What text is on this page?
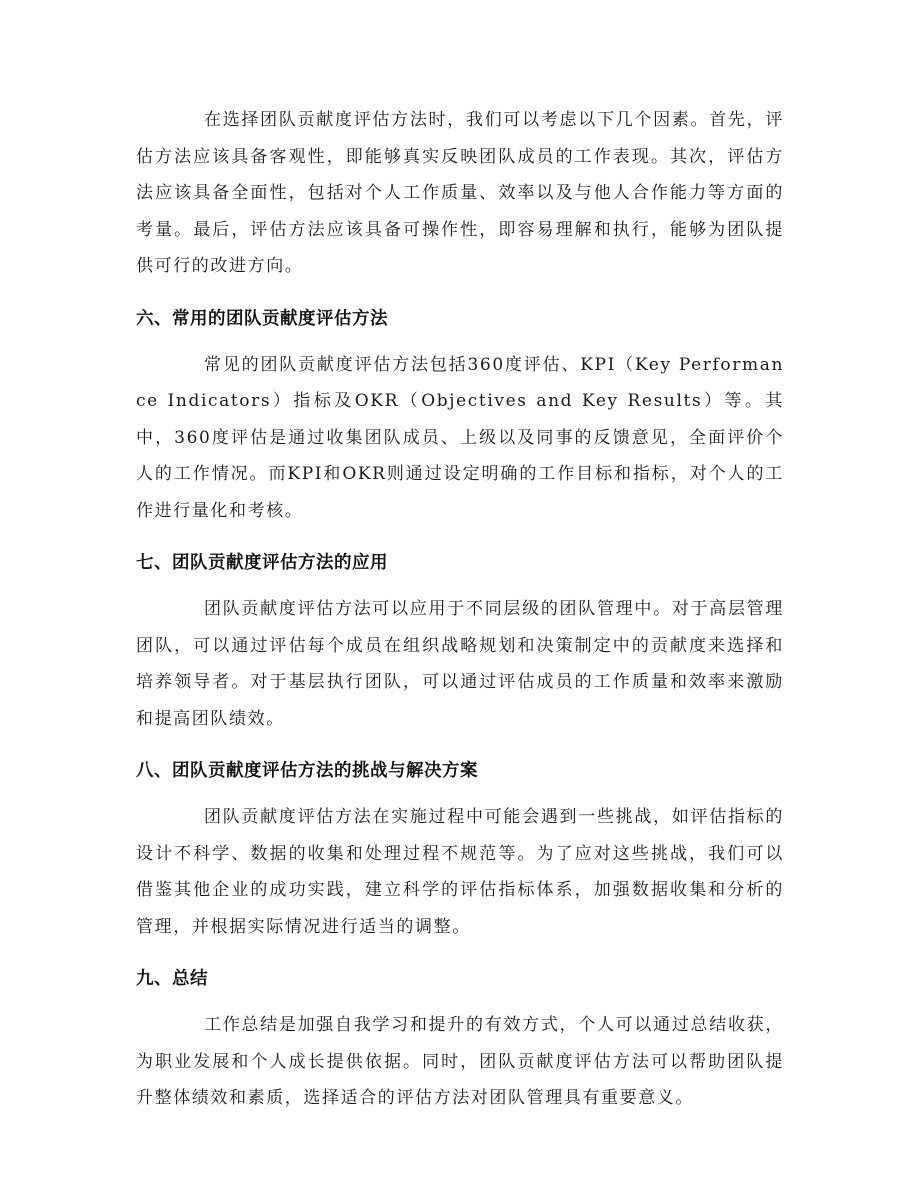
在选择团队贡献度评估方法时，我们可以考虑以下几个因素。首先，评估方法应该具备客观性，即能够真实反映团队成员的工作表现。其次，评估方法应该具备全面性，包括对个人工作质量、效率以及与他人合作能力等方面的考量。最后，评估方法应该具备可操作性，即容易理解和执行，能够为团队提供可行的改进方向。

六、常用的团队贡献度评估方法

常见的团队贡献度评估方法包括360度评估、KPI（Key Performance Indicators）指标及OKR（Objectives and Key Results）等。其中，360度评估是通过收集团队成员、上级以及同事的反馈意见，全面评价个人的工作情况。而KPI和OKR则通过设定明确的工作目标和指标，对个人的工作进行量化和考核。

七、团队贡献度评估方法的应用

团队贡献度评估方法可以应用于不同层级的团队管理中。对于高层管理团队，可以通过评估每个成员在组织战略规划和决策制定中的贡献度来选择和培养领导者。对于基层执行团队，可以通过评估成员的工作质量和效率来激励和提高团队绩效。

八、团队贡献度评估方法的挑战与解决方案

团队贡献度评估方法在实施过程中可能会遇到一些挑战，如评估指标的设计不科学、数据的收集和处理过程不规范等。为了应对这些挑战，我们可以借鉴其他企业的成功实践，建立科学的评估指标体系，加强数据收集和分析的管理，并根据实际情况进行适当的调整。

九、总结

工作总结是加强自我学习和提升的有效方式，个人可以通过总结收获，为职业发展和个人成长提供依据。同时，团队贡献度评估方法可以帮助团队提升整体绩效和素质，选择适合的评估方法对团队管理具有重要意义。
